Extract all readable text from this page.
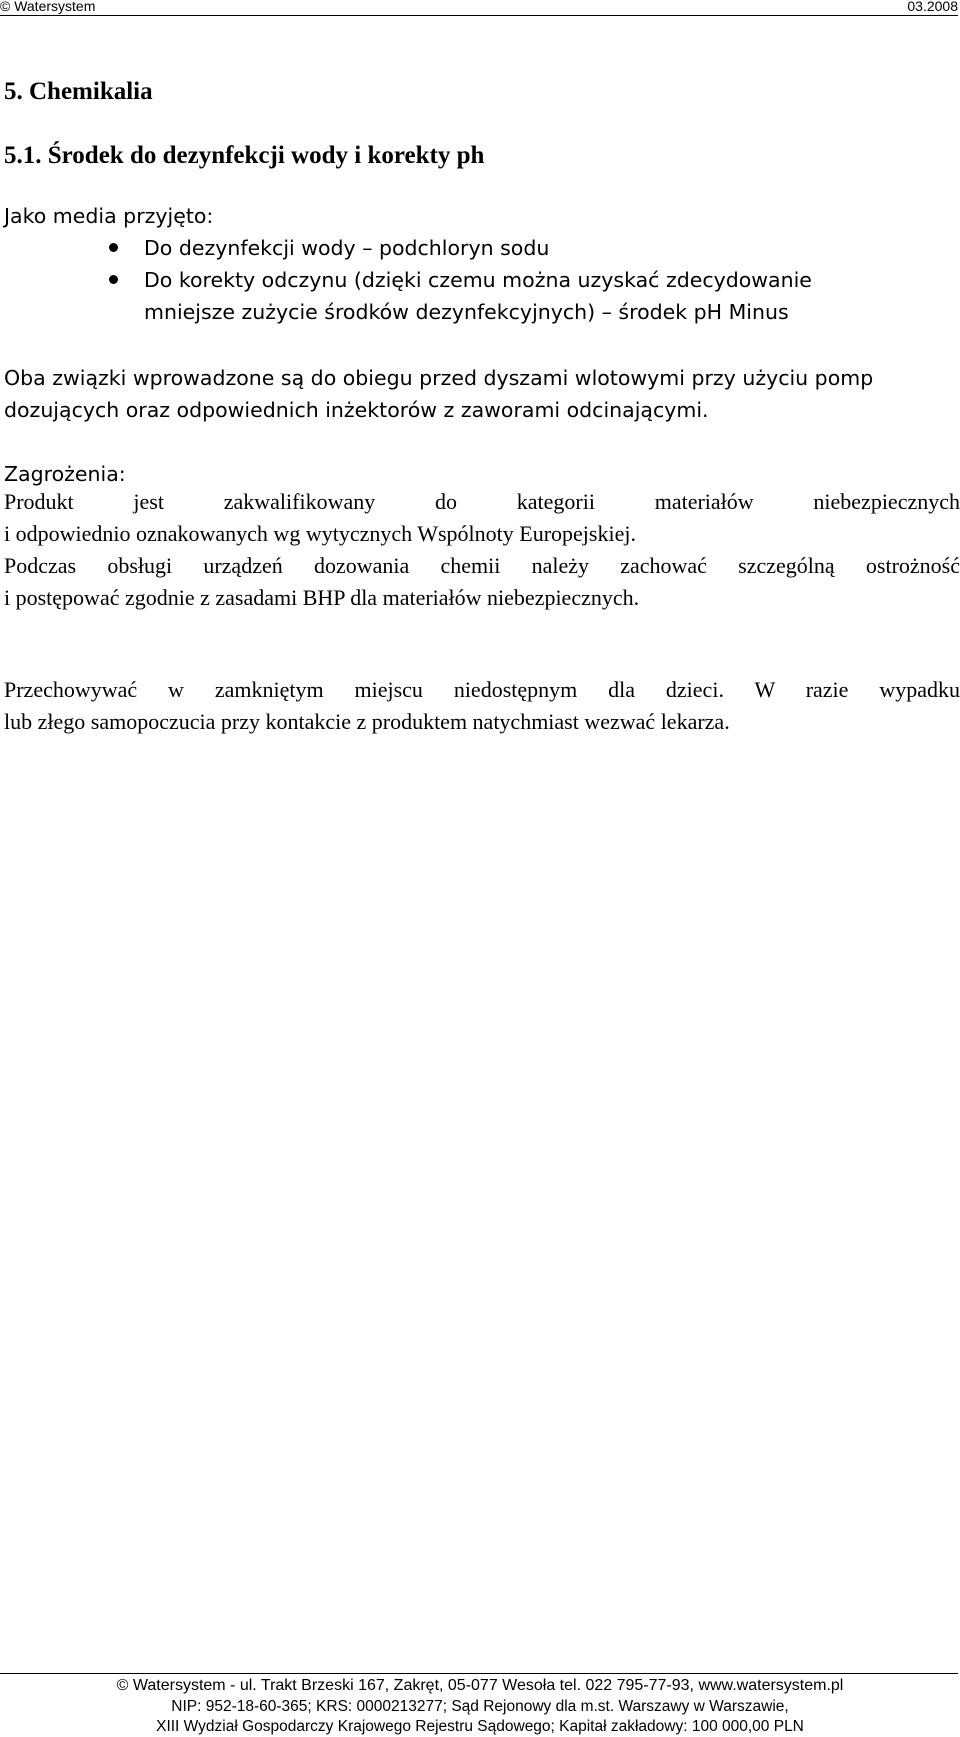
© Watersystem	03.2008
5. Chemikalia
5.1. Środek do dezynfekcji wody i korekty ph
Jako media przyjęto:
Do dezynfekcji wody – podchloryn sodu
Do korekty odczynu (dzięki czemu można uzyskać zdecydowanie mniejsze zużycie środków dezynfekcyjnych) – środek pH Minus
Oba związki wprowadzone są do obiegu przed dyszami wlotowymi przy użyciu pomp dozujących oraz odpowiednich inżektorów z zaworami odcinającymi.
Zagrożenia:
Produkt jest zakwalifikowany do kategorii materiałów niebezpiecznych
i odpowiednio oznakowanych wg wytycznych Wspólnoty Europejskiej.
Podczas obsługi urządzeń dozowania chemii należy zachować szczególną ostrożność
i postępować zgodnie z zasadami BHP dla materiałów niebezpiecznych.
Przechowywać w zamkniętym miejscu niedostępnym dla dzieci. W razie wypadku
lub złego samopoczucia przy kontakcie z produktem natychmiast wezwać lekarza.
© Watersystem - ul. Trakt Brzeski 167, Zakręt, 05-077 Wesoła tel. 022 795-77-93, www.watersystem.pl
NIP: 952-18-60-365; KRS: 0000213277; Sąd Rejonowy dla m.st. Warszawy w Warszawie,
XIII Wydział Gospodarczy Krajowego Rejestru Sądowego; Kapitał zakładowy: 100 000,00 PLN
